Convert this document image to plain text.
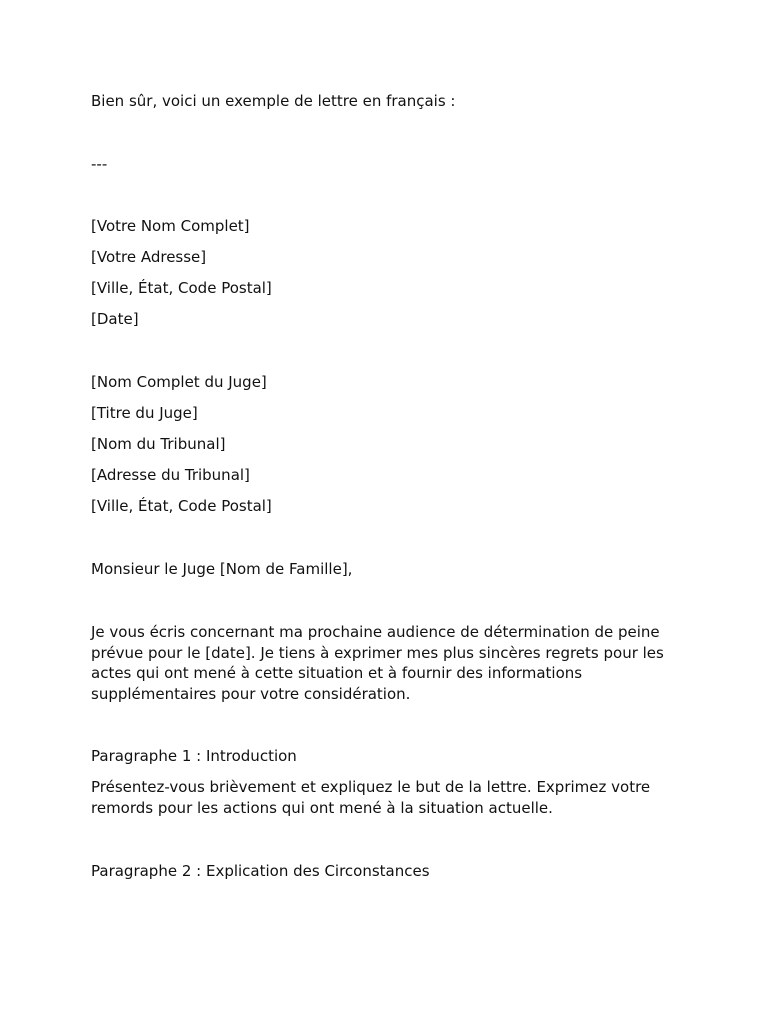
Bien sûr, voici un exemple de lettre en français :

---

[Votre Nom Complet]

[Votre Adresse]

[Ville, État, Code Postal]

[Date]

[Nom Complet du Juge]

[Titre du Juge]

[Nom du Tribunal]

[Adresse du Tribunal]

[Ville, État, Code Postal]

Monsieur le Juge [Nom de Famille],

Je vous écris concernant ma prochaine audience de détermination de peine prévue pour le [date]. Je tiens à exprimer mes plus sincères regrets pour les actes qui ont mené à cette situation et à fournir des informations supplémentaires pour votre considération.

Paragraphe 1 : Introduction

Présentez-vous brièvement et expliquez le but de la lettre. Exprimez votre remords pour les actions qui ont mené à la situation actuelle.

Paragraphe 2 : Explication des Circonstances
